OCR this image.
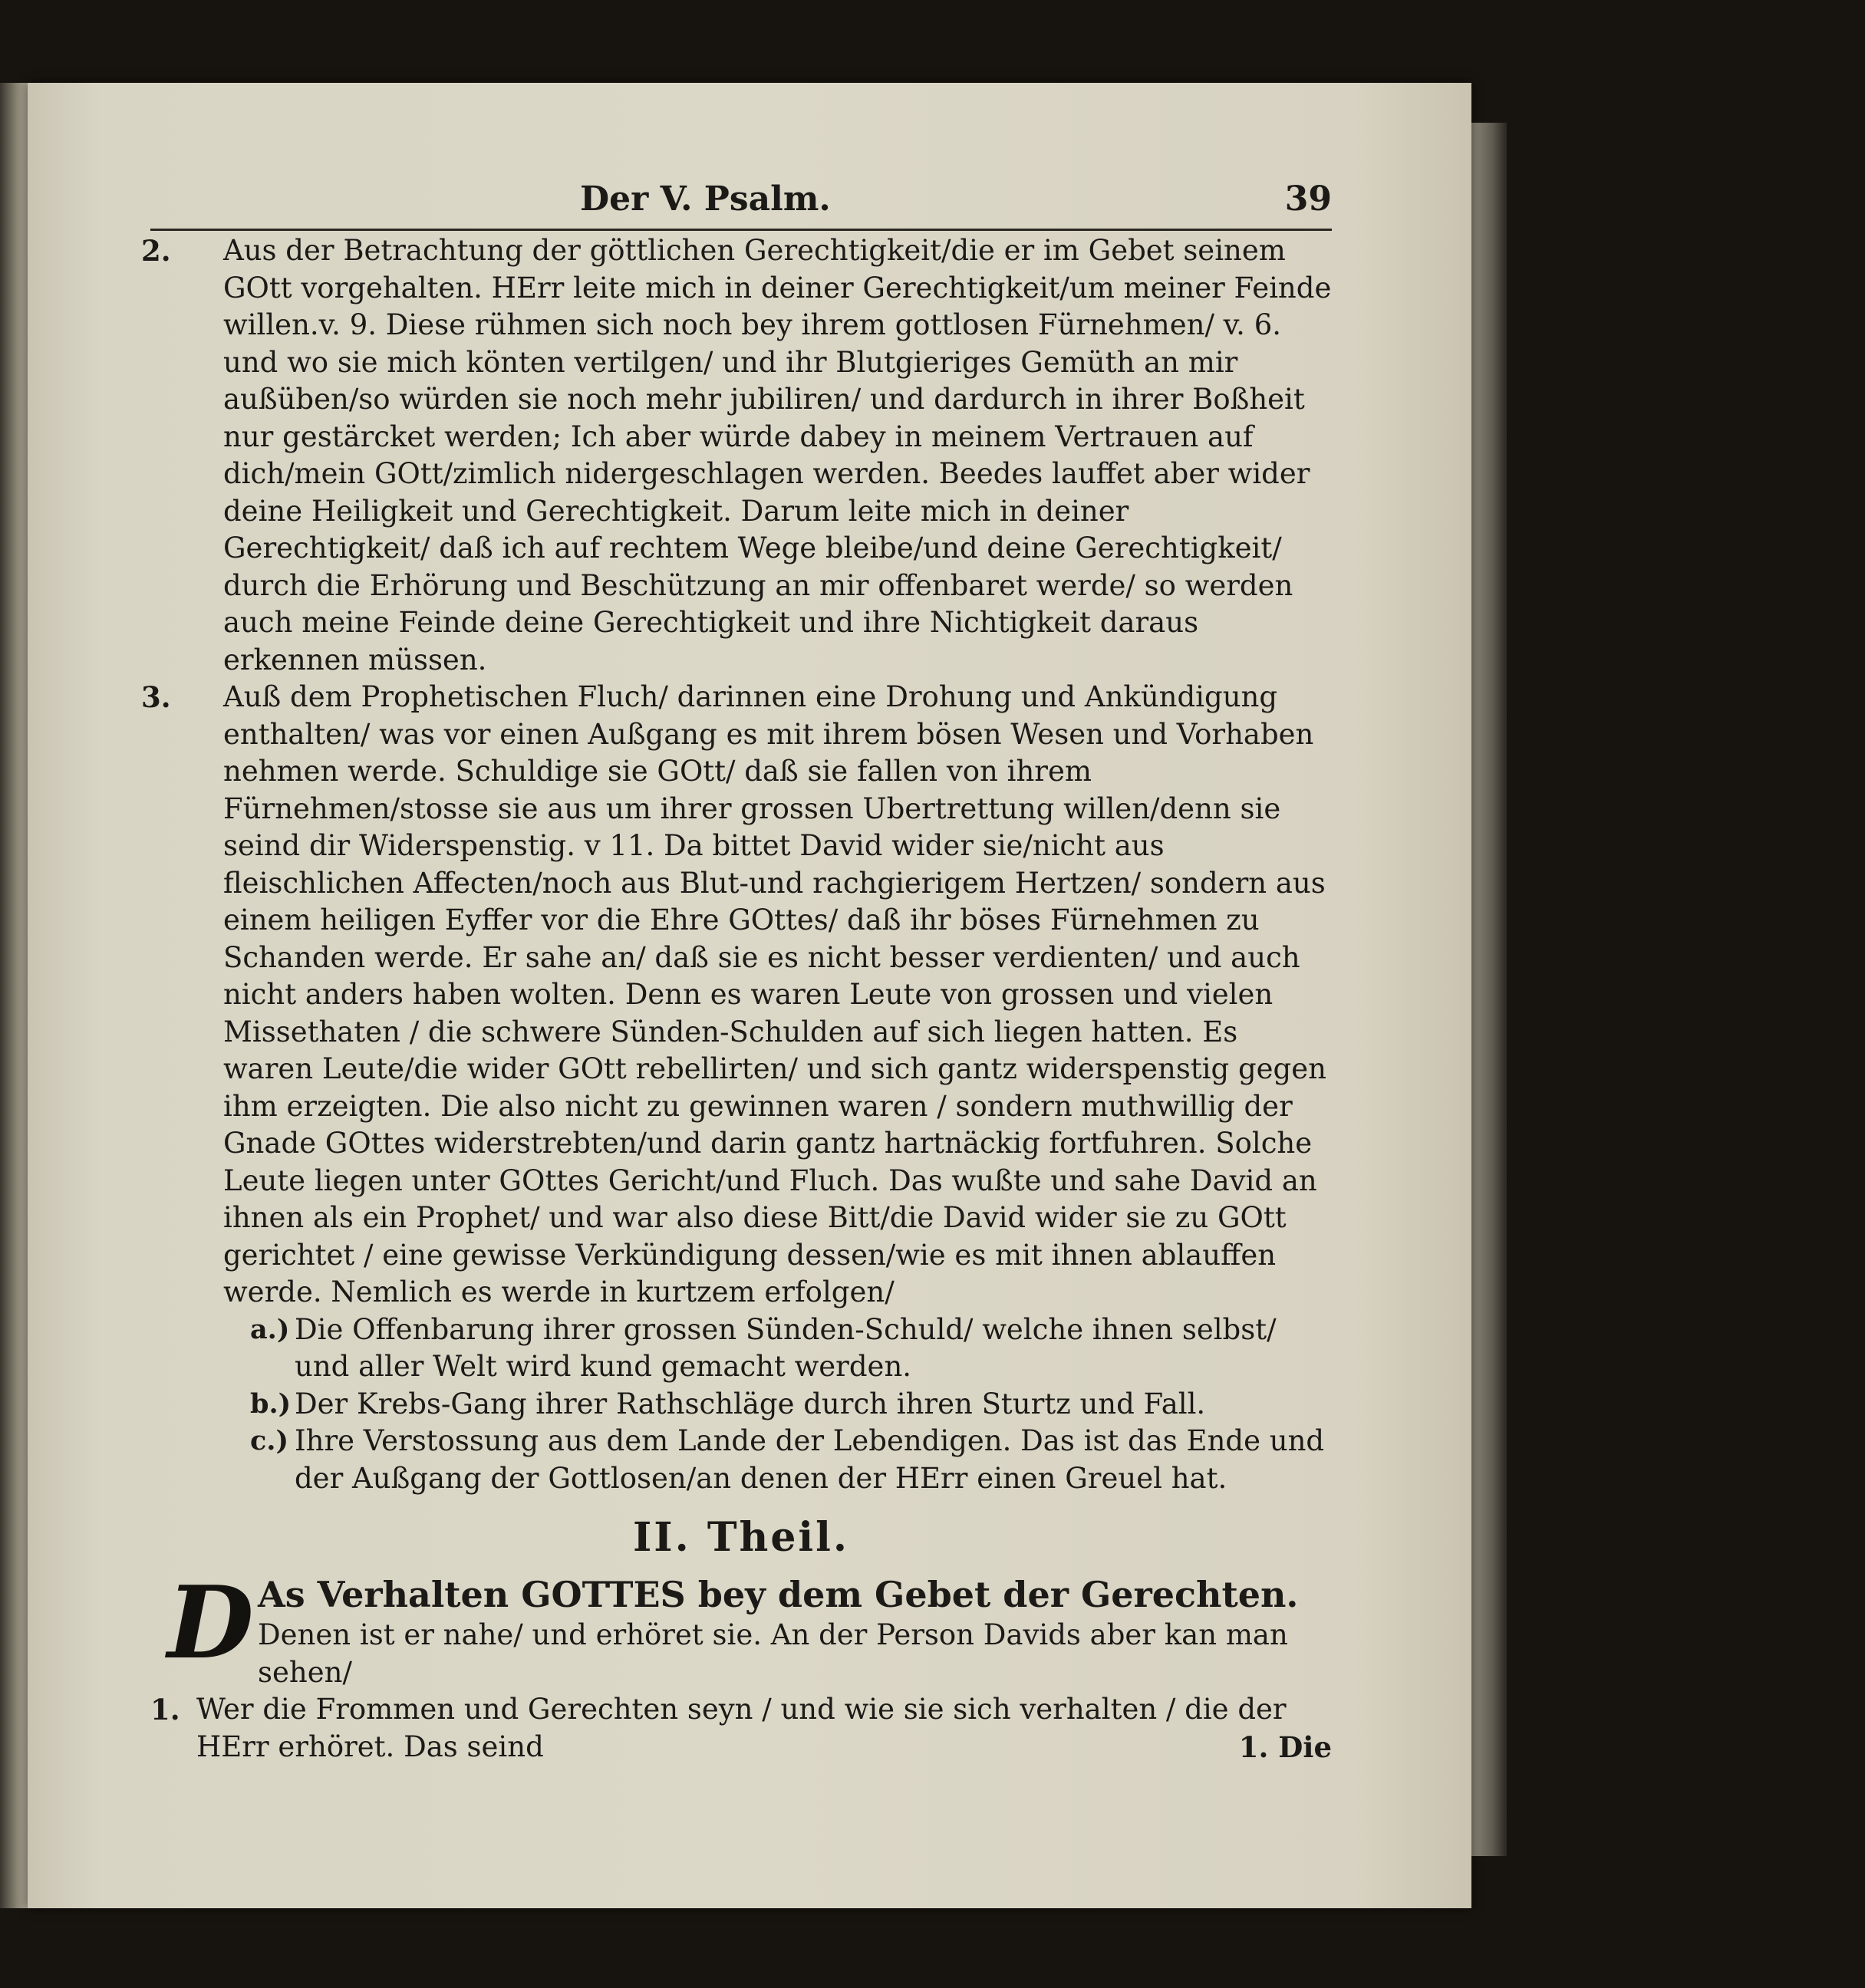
Der V. Psalm.	39
2. Aus der Betrachtung der göttlichen Gerechtigkeit/die er im Gebet seinem GOtt vorgehalten. HErr leite mich in deiner Gerechtigkeit/um meiner Feinde willen.v. 9. Diese rühmen sich noch bey ihrem gottlosen Fürnehmen/ v. 6. und wo sie mich könten vertilgen/ und ihr Blutgieriges Gemüth an mir außüben/so würden sie noch mehr jubiliren/ und dardurch in ihrer Boßheit nur gestärcket werden; Ich aber würde dabey in meinem Vertrauen auf dich/mein GOtt/zimlich nidergeschlagen werden. Beedes lauffet aber wider deine Heiligkeit und Gerechtigkeit. Darum leite mich in deiner Gerechtigkeit/ daß ich auf rechtem Wege bleibe/und deine Gerechtigkeit/ durch die Erhörung und Beschützung an mir offenbaret werde/ so werden auch meine Feinde deine Gerechtigkeit und ihre Nichtigkeit daraus erkennen müssen.
3. Auß dem Prophetischen Fluch/ darinnen eine Drohung und Ankündigung enthalten/ was vor einen Außgang es mit ihrem bösen Wesen und Vorhaben nehmen werde. Schuldige sie GOtt/ daß sie fallen von ihrem Fürnehmen/stosse sie aus um ihrer grossen Ubertrettung willen/denn sie seind dir Widerspenstig. v 11. Da bittet David wider sie/nicht aus fleischlichen Affecten/noch aus Blut-und rachgierigem Hertzen/ sondern aus einem heiligen Eyffer vor die Ehre GOttes/ daß ihr böses Fürnehmen zu Schanden werde. Er sahe an/ daß sie es nicht besser verdienten/ und auch nicht anders haben wolten. Denn es waren Leute von grossen und vielen Missethaten / die schwere Sünden-Schulden auf sich liegen hatten. Es waren Leute/die wider GOtt rebellirten/ und sich gantz widerspenstig gegen ihm erzeigten. Die also nicht zu gewinnen waren / sondern muthwillig der Gnade GOttes widerstrebten/und darin gantz hartnäckig fortfuhren. Solche Leute liegen unter GOttes Gericht/und Fluch. Das wußte und sahe David an ihnen als ein Prophet/ und war also diese Bitt/die David wider sie zu GOtt gerichtet / eine gewisse Verkündigung dessen/wie es mit ihnen ablauffen werde. Nemlich es werde in kurtzem erfolgen/
a.) Die Offenbarung ihrer grossen Sünden-Schuld/ welche ihnen selbst/ und aller Welt wird kund gemacht werden.
b.) Der Krebs-Gang ihrer Rathschläge durch ihren Sturtz und Fall.
c.) Ihre Verstossung aus dem Lande der Lebendigen. Das ist das Ende und der Außgang der Gottlosen/an denen der HErr einen Greuel hat.
II. Theil.
D As Verhalten GOTTES bey dem Gebet der Gerechten.
Denen ist er nahe/ und erhöret sie. An der Person Davids aber kan man sehen/
1. Wer die Frommen und Gerechten seyn / und wie sie sich verhalten / die der HErr erhöret. Das seind	1. Die
